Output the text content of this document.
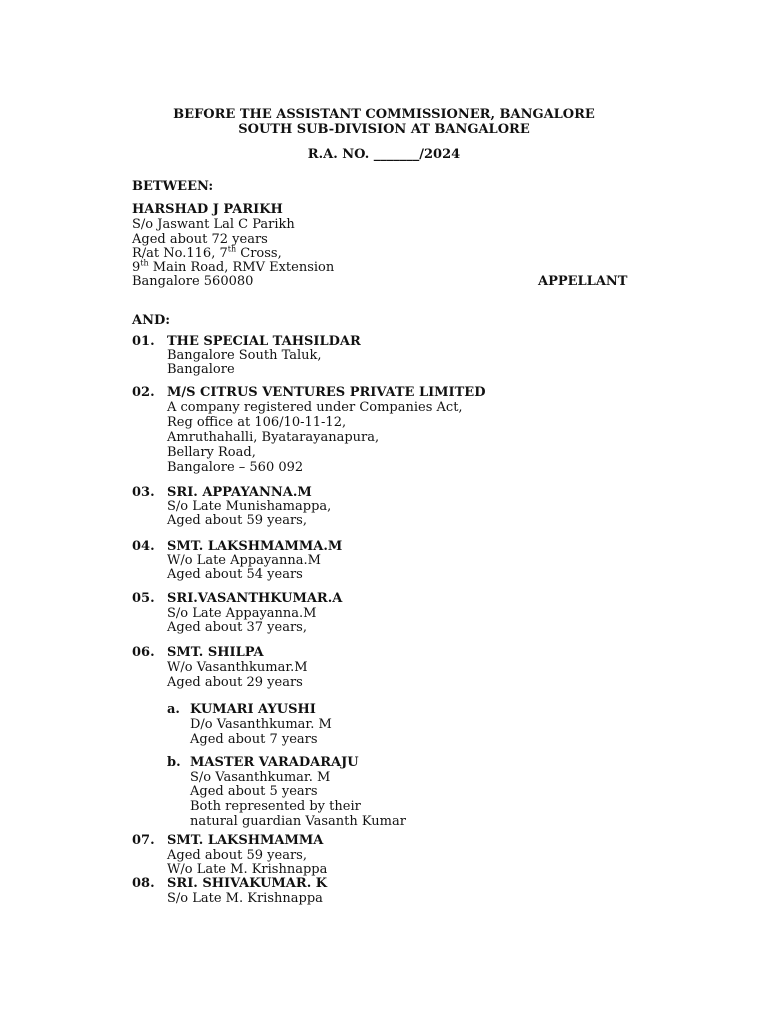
BEFORE THE ASSISTANT COMMISSIONER, BANGALORE
SOUTH SUB-DIVISION AT BANGALORE
R.A. NO. _______/2024
BETWEEN:
HARSHAD J PARIKH
S/o Jaswant Lal C Parikh
Aged about 72 years
R/at No.116, 7th Cross,
9th Main Road, RMV Extension
Bangalore 560080	APPELLANT
AND:
01. THE SPECIAL TAHSILDAR
Bangalore South Taluk,
Bangalore
02. M/S CITRUS VENTURES PRIVATE LIMITED
A company registered under Companies Act,
Reg office at 106/10-11-12,
Amruthahalli, Byatarayanapura,
Bellary Road,
Bangalore – 560 092
03. SRI. APPAYANNA.M
S/o Late Munishamappa,
Aged about 59 years,
04. SMT. LAKSHMAMMA.M
W/o Late Appayanna.M
Aged about 54 years
05. SRI.VASANTHKUMAR.A
S/o Late Appayanna.M
Aged about 37 years,
06. SMT. SHILPA
W/o Vasanthkumar.M
Aged about 29 years
a. KUMARI AYUSHI
D/o Vasanthkumar. M
Aged about 7 years
b. MASTER VARADARAJU
S/o Vasanthkumar. M
Aged about 5 years
Both represented by their
natural guardian Vasanth Kumar
07. SMT. LAKSHMAMMA
Aged about 59 years,
W/o Late M. Krishnappa
08. SRI. SHIVAKUMAR. K
S/o Late M. Krishnappa
